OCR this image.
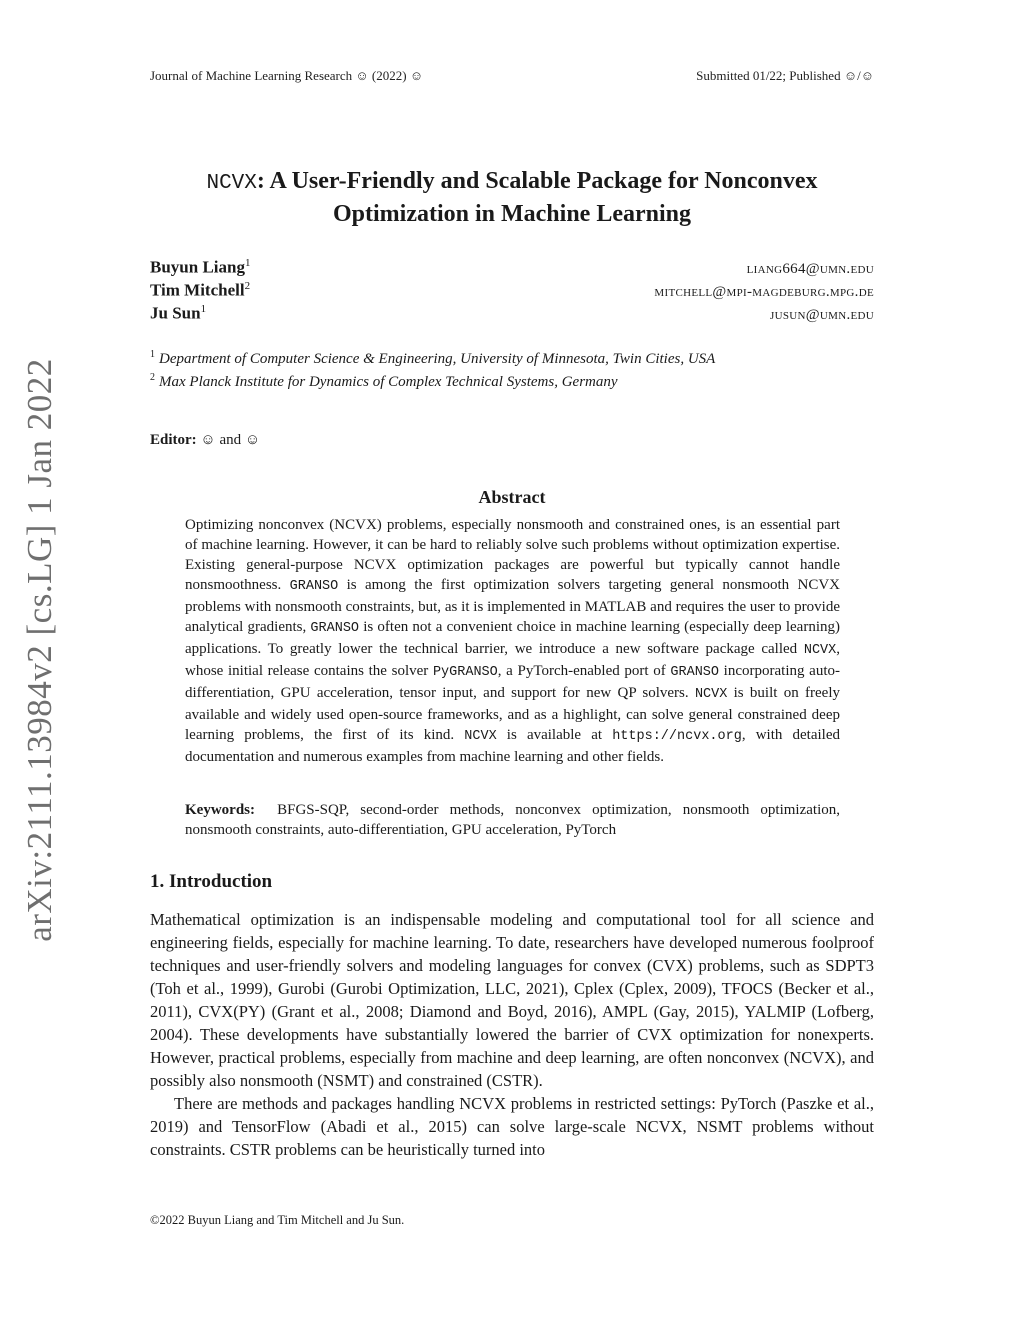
Journal of Machine Learning Research ☺ (2022) ☺	Submitted 01/22; Published ☺/☺
arXiv:2111.13984v2 [cs.LG] 1 Jan 2022
NCVX: A User-Friendly and Scalable Package for Nonconvex
Optimization in Machine Learning
Buyun Liang$^1$	liang664@umn.edu
Tim Mitchell$^2$	mitchell@mpi-magdeburg.mpg.de
Ju Sun$^1$	jusun@umn.edu
$^1$ Department of Computer Science & Engineering, University of Minnesota, Twin Cities, USA
$^2$ Max Planck Institute for Dynamics of Complex Technical Systems, Germany
Editor: ☺ and ☺
Abstract
Optimizing nonconvex (NCVX) problems, especially nonsmooth and constrained ones, is an essential part of machine learning. However, it can be hard to reliably solve such problems without optimization expertise. Existing general-purpose NCVX optimization packages are powerful but typically cannot handle nonsmoothness. GRANSO is among the first optimization solvers targeting general nonsmooth NCVX problems with nonsmooth constraints, but, as it is implemented in MATLAB and requires the user to provide analytical gradients, GRANSO is often not a convenient choice in machine learning (especially deep learning) applications. To greatly lower the technical barrier, we introduce a new software package called NCVX, whose initial release contains the solver PyGRANSO, a PyTorch-enabled port of GRANSO incorporating auto-differentiation, GPU acceleration, tensor input, and support for new QP solvers. NCVX is built on freely available and widely used open-source frameworks, and as a highlight, can solve general constrained deep learning problems, the first of its kind. NCVX is available at https://ncvx.org, with detailed documentation and numerous examples from machine learning and other fields.
Keywords: BFGS-SQP, second-order methods, nonconvex optimization, nonsmooth optimization, nonsmooth constraints, auto-differentiation, GPU acceleration, PyTorch
1. Introduction

Mathematical optimization is an indispensable modeling and computational tool for all science and engineering fields, especially for machine learning. To date, researchers have developed numerous foolproof techniques and user-friendly solvers and modeling languages for convex (CVX) problems, such as SDPT3 (Toh et al., 1999), Gurobi (Gurobi Optimization, LLC, 2021), Cplex (Cplex, 2009), TFOCS (Becker et al., 2011), CVX(PY) (Grant et al., 2008; Diamond and Boyd, 2016), AMPL (Gay, 2015), YALMIP (Lofberg, 2004). These developments have substantially lowered the barrier of CVX optimization for nonexperts. However, practical problems, especially from machine and deep learning, are often nonconvex (NCVX), and possibly also nonsmooth (NSMT) and constrained (CSTR).

There are methods and packages handling NCVX problems in restricted settings: PyTorch (Paszke et al., 2019) and TensorFlow (Abadi et al., 2015) can solve large-scale NCVX, NSMT problems without constraints. CSTR problems can be heuristically turned into

©2022 Buyun Liang and Tim Mitchell and Ju Sun.
